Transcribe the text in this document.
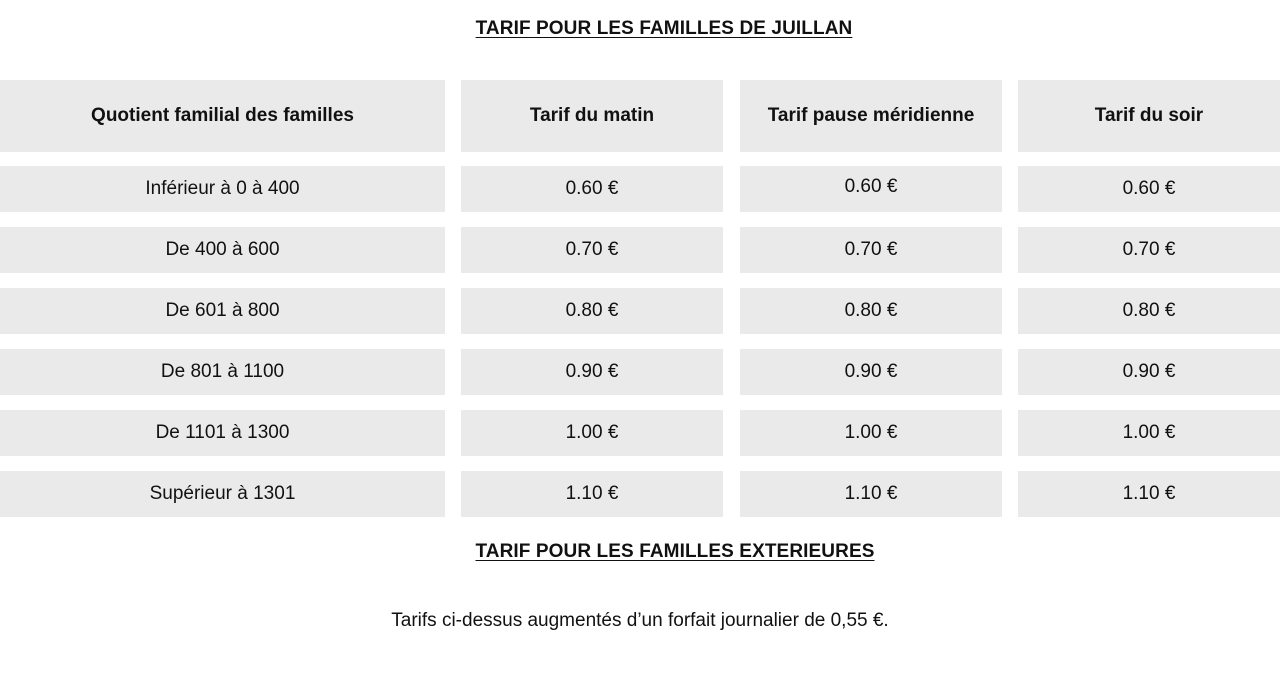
TARIF POUR LES FAMILLES DE JUILLAN
Quotient familial des familles	Tarif du matin	Tarif pause méridienne	Tarif du soir
Inférieur à 0 à 400	0.60 €	0.60 €	0.60 €
De 400 à 600	0.70 €	0.70 €	0.70 €
De 601 à 800	0.80 €	0.80 €	0.80 €
De 801 à 1100	0.90 €	0.90 €	0.90 €
De 1101 à 1300	1.00 €	1.00 €	1.00 €
Supérieur à 1301	1.10 €	1.10 €	1.10 €
TARIF POUR LES FAMILLES EXTERIEURES
Tarifs ci-dessus augmentés d’un forfait journalier de 0,55 €.
